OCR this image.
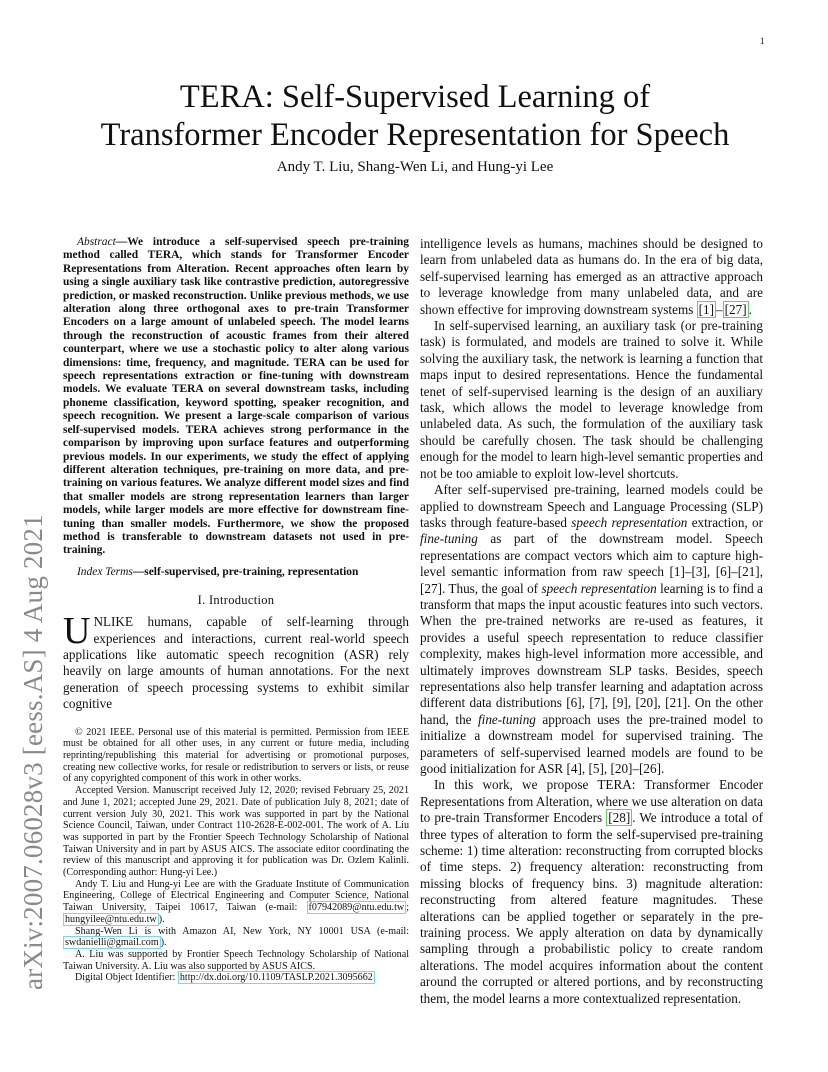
1
arXiv:2007.06028v3 [eess.AS] 4 Aug 2021
TERA: Self-Supervised Learning of
Transformer Encoder Representation for Speech
Andy T. Liu, Shang-Wen Li, and Hung-yi Lee

Abstract—We introduce a self-supervised speech pre-training method called TERA, which stands for Transformer Encoder Representations from Alteration. Recent approaches often learn by using a single auxiliary task like contrastive prediction, autoregressive prediction, or masked reconstruction. Unlike previous methods, we use alteration along three orthogonal axes to pre-train Transformer Encoders on a large amount of unlabeled speech. The model learns through the reconstruction of acoustic frames from their altered counterpart, where we use a stochastic policy to alter along various dimensions: time, frequency, and magnitude. TERA can be used for speech representations extraction or fine-tuning with downstream models. We evaluate TERA on several downstream tasks, including phoneme classification, keyword spotting, speaker recognition, and speech recognition. We present a large-scale comparison of various self-supervised models. TERA achieves strong performance in the comparison by improving upon surface features and outperforming previous models. In our experiments, we study the effect of applying different alteration techniques, pre-training on more data, and pre-training on various features. We analyze different model sizes and find that smaller models are strong representation learners than larger models, while larger models are more effective for downstream fine-tuning than smaller models. Furthermore, we show the proposed method is transferable to downstream datasets not used in pre-training.

Index Terms—self-supervised, pre-training, representation

I. Introduction

UNLIKE humans, capable of self-learning through experiences and interactions, current real-world speech applications like automatic speech recognition (ASR) rely heavily on large amounts of human annotations. For the next generation of speech processing systems to exhibit similar cognitive

© 2021 IEEE. Personal use of this material is permitted. Permission from IEEE must be obtained for all other uses, in any current or future media, including reprinting/republishing this material for advertising or promotional purposes, creating new collective works, for resale or redistribution to servers or lists, or reuse of any copyrighted component of this work in other works.

Accepted Version. Manuscript received July 12, 2020; revised February 25, 2021 and June 1, 2021; accepted June 29, 2021. Date of publication July 8, 2021; date of current version July 30, 2021. This work was supported in part by the National Science Council, Taiwan, under Contract 110-2628-E-002-001. The work of A. Liu was supported in part by the Frontier Speech Technology Scholarship of National Taiwan University and in part by ASUS AICS. The associate editor coordinating the review of this manuscript and approving it for publication was Dr. Ozlem Kalinli. (Corresponding author: Hung-yi Lee.)

Andy T. Liu and Hung-yi Lee are with the Graduate Institute of Communication Engineering, College of Electrical Engineering and Computer Science, National Taiwan University, Taipei 10617, Taiwan (e-mail: f07942089@ntu.edu.tw ; hungyilee@ntu.edu.tw ).

Shang-Wen Li is with Amazon AI, New York, NY 10001 USA (e-mail: swdanielli@gmail.com ).

A. Liu was supported by Frontier Speech Technology Scholarship of National Taiwan University. A. Liu was also supported by ASUS AICS.

Digital Object Identifier: http://dx.doi.org/10.1109/TASLP.2021.3095662

intelligence levels as humans, machines should be designed to learn from unlabeled data as humans do. In the era of big data, self-supervised learning has emerged as an attractive approach to leverage knowledge from many unlabeled data, and are shown effective for improving downstream systems [1] – [27] .

In self-supervised learning, an auxiliary task (or pre-training task) is formulated, and models are trained to solve it. While solving the auxiliary task, the network is learning a function that maps input to desired representations. Hence the fundamental tenet of self-supervised learning is the design of an auxiliary task, which allows the model to leverage knowledge from unlabeled data. As such, the formulation of the auxiliary task should be carefully chosen. The task should be challenging enough for the model to learn high-level semantic properties and not be too amiable to exploit low-level shortcuts.

After self-supervised pre-training, learned models could be applied to downstream Speech and Language Processing (SLP) tasks through feature-based speech representation extraction, or fine-tuning as part of the downstream model. Speech representations are compact vectors which aim to capture high-level semantic information from raw speech [1]–[3], [6]–[21], [27]. Thus, the goal of speech representation learning is to find a transform that maps the input acoustic features into such vectors. When the pre-trained networks are re-used as features, it provides a useful speech representation to reduce classifier complexity, makes high-level information more accessible, and ultimately improves downstream SLP tasks. Besides, speech representations also help transfer learning and adaptation across different data distributions [6], [7], [9], [20], [21]. On the other hand, the fine-tuning approach uses the pre-trained model to initialize a downstream model for supervised training. The parameters of self-supervised learned models are found to be good initialization for ASR [4], [5], [20]–[26].

In this work, we propose TERA: Transformer Encoder Representations from Alteration, where we use alteration on data to pre-train Transformer Encoders [28] . We introduce a total of three types of alteration to form the self-supervised pre-training scheme: 1) time alteration: reconstructing from corrupted blocks of time steps. 2) frequency alteration: reconstructing from missing blocks of frequency bins. 3) magnitude alteration: reconstructing from altered feature magnitudes. These alterations can be applied together or separately in the pre-training process. We apply alteration on data by dynamically sampling through a probabilistic policy to create random alterations. The model acquires information about the content around the corrupted or altered portions, and by reconstructing them, the model learns a more contextualized representation.
